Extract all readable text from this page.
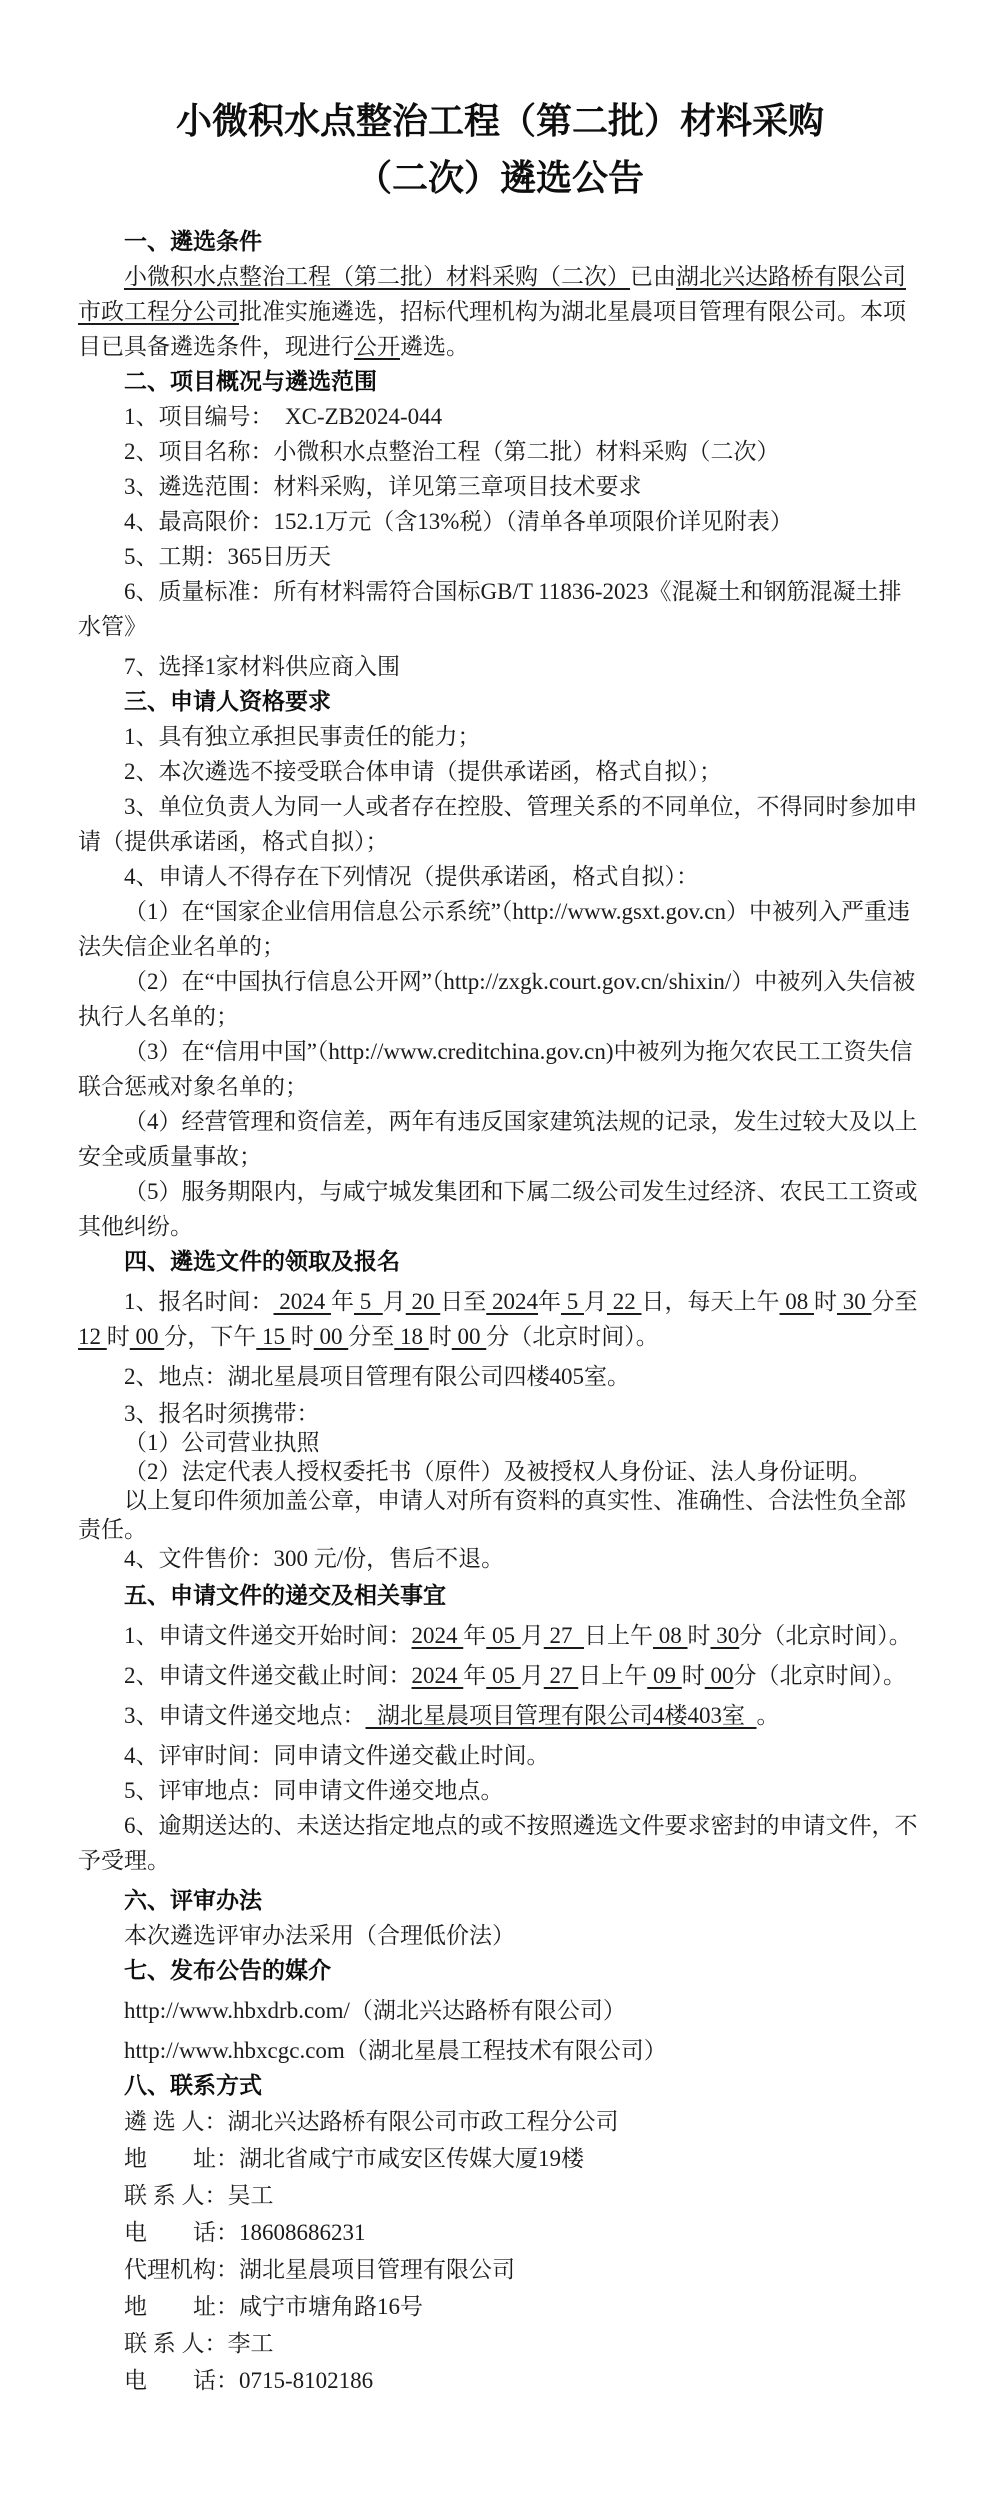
小微积水点整治工程（第二批）材料采购
（二次）遴选公告
一、遴选条件

小微积水点整治工程（第二批）材料采购（二次）已由湖北兴达路桥有限公司市政工程分公司批准实施遴选，招标代理机构为湖北星晨项目管理有限公司。本项目已具备遴选条件，现进行公开遴选。

二、项目概况与遴选范围

1、项目编号：  XC-ZB2024-044

2、项目名称：小微积水点整治工程（第二批）材料采购（二次）

3、遴选范围：材料采购，详见第三章项目技术要求

4、最高限价：152.1万元（含13%税）（清单各单项限价详见附表）

5、工期：365日历天

6、质量标准：所有材料需符合国标GB/T 11836-2023《混凝土和钢筋混凝土排水管》

7、选择1家材料供应商入围

三、申请人资格要求

1、具有独立承担民事责任的能力；

2、本次遴选不接受联合体申请（提供承诺函，格式自拟）；

3、单位负责人为同一人或者存在控股、管理关系的不同单位，不得同时参加申请（提供承诺函，格式自拟）；

4、申请人不得存在下列情况（提供承诺函，格式自拟）：

（1）在“国家企业信用信息公示系统”（http://www.gsxt.gov.cn）中被列入严重违法失信企业名单的；

（2）在“中国执行信息公开网”（http://zxgk.court.gov.cn/shixin/）中被列入失信被执行人名单的；

（3）在“信用中国”（http://www.creditchina.gov.cn)中被列为拖欠农民工工资失信联合惩戒对象名单的；

（4）经营管理和资信差，两年有违反国家建筑法规的记录，发生过较大及以上安全或质量事故；

（5）服务期限内，与咸宁城发集团和下属二级公司发生过经济、农民工工资或其他纠纷。

四、遴选文件的领取及报名

1、报名时间： 2024 年 5  月 20 日至 2024年 5 月 22 日，每天上午 08 时 30 分至12 时 00 分，下午 15 时 00 分至 18 时 00 分（北京时间）。

2、地点：湖北星晨项目管理有限公司四楼405室。

3、报名时须携带：

（1）公司营业执照

（2）法定代表人授权委托书（原件）及被授权人身份证、法人身份证明。

以上复印件须加盖公章，申请人对所有资料的真实性、准确性、合法性负全部责任。

4、文件售价：300 元/份，售后不退。

五、申请文件的递交及相关事宜

1、申请文件递交开始时间：2024 年 05 月 27  日上午 08 时 30分（北京时间）。

2、申请文件递交截止时间：2024 年 05 月 27 日上午 09 时 00分（北京时间）。

3、申请文件递交地点：  湖北星晨项目管理有限公司4楼403室  。

4、评审时间：同申请文件递交截止时间。

5、评审地点：同申请文件递交地点。

6、逾期送达的、未送达指定地点的或不按照遴选文件要求密封的申请文件，不予受理。

六、评审办法

本次遴选评审办法采用（合理低价法）

七、发布公告的媒介

http://www.hbxdrb.com/（湖北兴达路桥有限公司）

http://www.hbxcgc.com（湖北星晨工程技术有限公司）

八、联系方式

遴 选 人：湖北兴达路桥有限公司市政工程分公司

地　　址：湖北省咸宁市咸安区传媒大厦19楼

联 系 人：吴工

电　　话：18608686231

代理机构：湖北星晨项目管理有限公司

地　　址：咸宁市塘角路16号

联 系 人：李工

电　　话：0715-8102186
